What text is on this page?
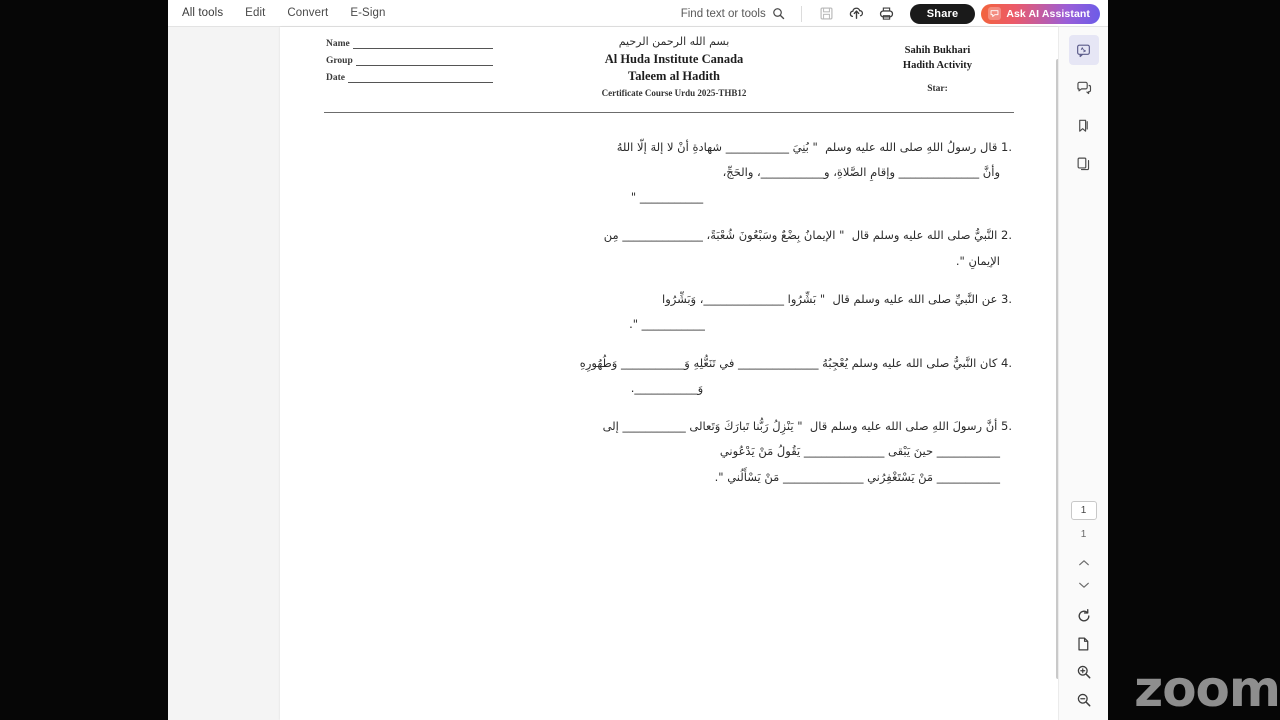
All tools Edit Convert E-Sign	Find text or tools	Share	Ask AI Assistant
Name
Group
Date
بسم الله الرحمن الرحيم
Al Huda Institute Canada
Taleem al Hadith
Certificate Course Urdu 2025-THB12
Sahih Bukhari
Hadith Activity
Star:
.1 قال رسولُ اللهِ صلى الله عليه وسلم  " بُنِيَ ___________ شهادةِ أنْ لا إلهَ إلّا اللهُ
وأنَّ ______________ وإقامِ الصَّلاةِ، و___________، والحَجِّ،
___________ "
.2 النَّبيُّ صلى الله عليه وسلم قال  " الإيمانُ بِضْعٌ وسَبْعُونَ شُعْبَةً، ______________ مِن
الإيمانِ ".
.3 عن النَّبيِّ صلى الله عليه وسلم قال  " بَشِّرُوا ______________، وَبَشِّرُوا
___________ ".
.4 كان النَّبيُّ صلى الله عليه وسلم يُعْجِبُهُ ______________ في تَنَعُّلِهِ وَ___________ وَطُهُورِهِ
وَ___________.
.5 أنَّ رسولَ اللهِ صلى الله عليه وسلم قال  " يَنْزِلُ رَبُّنا تَبارَكَ وَتَعالى ___________ إلى
___________ حينَ يَبْقى ______________ يَقُولُ مَنْ يَدْعُوني
___________ مَنْ يَسْتَغْفِرُني ______________ مَنْ يَسْأَلُني ".
1
1
zoom
